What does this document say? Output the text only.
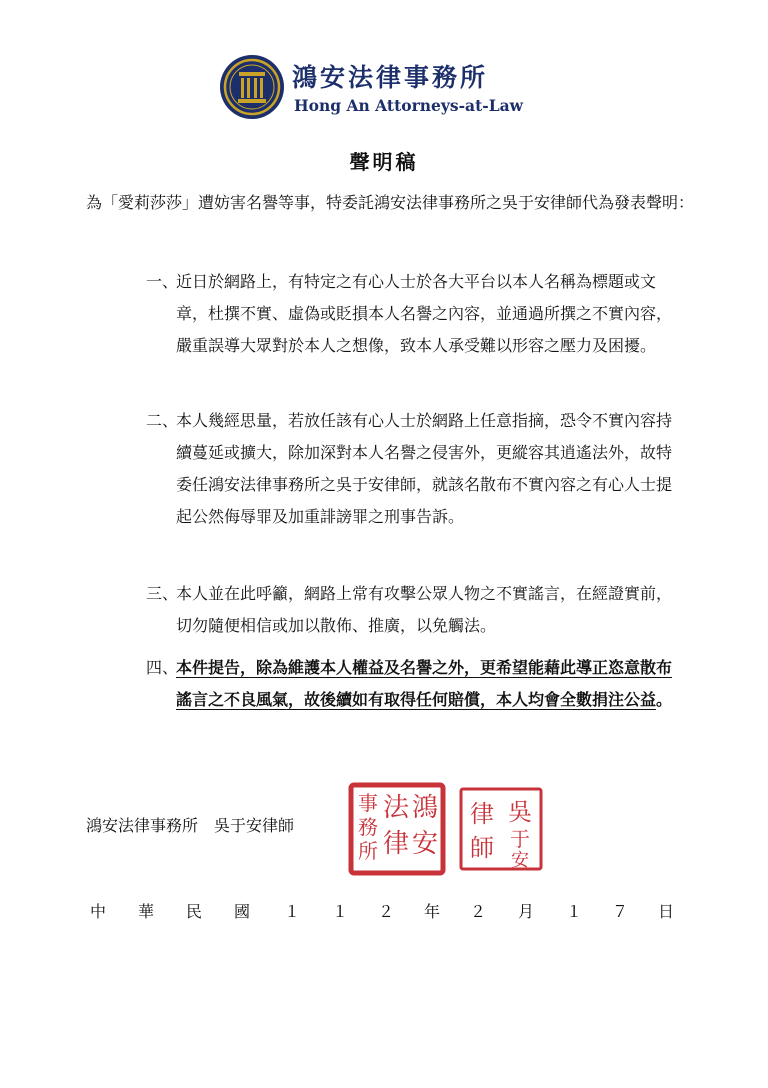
鴻安法律事務所
Hong An Attorneys-at-Law
聲明稿
為「愛莉莎莎」遭妨害名譽等事，特委託鴻安法律事務所之吳于安律師代為發表聲明：
一、
近日於網路上，有特定之有心人士於各大平台以本人名稱為標題或文章，杜撰不實、虛偽或貶損本人名譽之內容，並通過所撰之不實內容，嚴重誤導大眾對於本人之想像，致本人承受難以形容之壓力及困擾。
二、
本人幾經思量，若放任該有心人士於網路上任意指摘，恐令不實內容持續蔓延或擴大，除加深對本人名譽之侵害外，更縱容其逍遙法外，故特委任鴻安法律事務所之吳于安律師，就該名散布不實內容之有心人士提起公然侮辱罪及加重誹謗罪之刑事告訴。
三、
本人並在此呼籲，網路上常有攻擊公眾人物之不實謠言，在經證實前，切勿隨便相信或加以散佈、推廣，以免觸法。
四、
本件提告，除為維護本人權益及名譽之外，更希望能藉此導正恣意散布謠言之不良風氣，故後續如有取得任何賠償，本人均會全數捐注公益。
鴻安法律事務所　吳于安律師
鴻
安
法
律
事
務
所
吳
于
安
律
師
中 華 民 國 １ １ ２ 年 ２ 月 １ ７ 日
